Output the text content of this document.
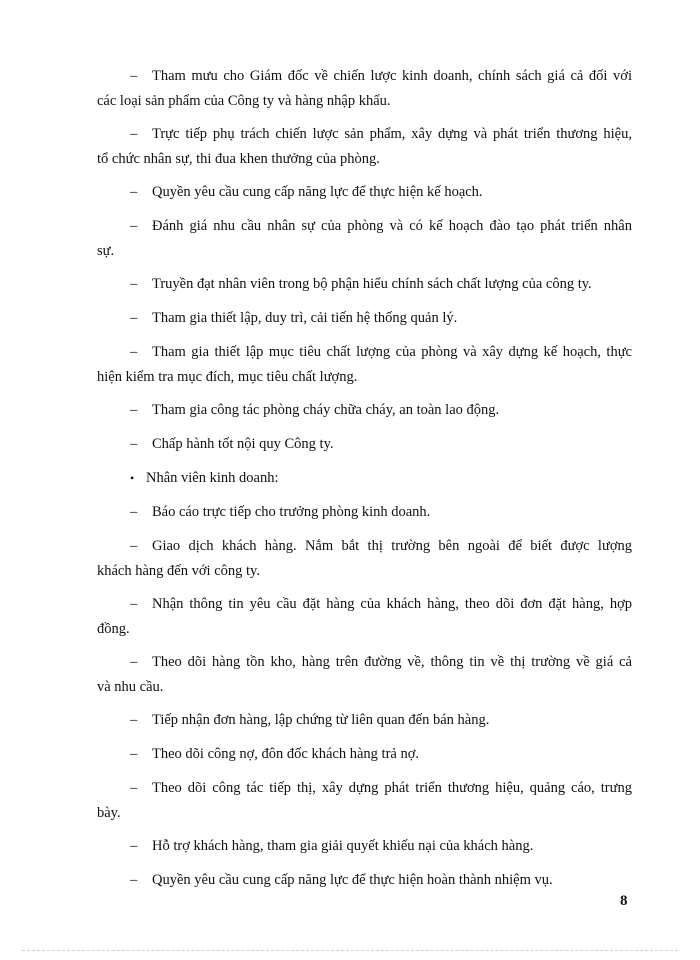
– Tham mưu cho Giám đốc về chiến lược kinh doanh, chính sách giá cả đối với
các loại sản phẩm của Công ty và hàng nhập khẩu.
– Trực tiếp phụ trách chiến lược sản phẩm, xây dựng và phát triển thương hiệu,
tổ chức nhân sự, thi đua khen thưởng của phòng.
– Quyền yêu cầu cung cấp năng lực để thực hiện kế hoạch.
– Đánh giá nhu cầu nhân sự của phòng và có kế hoạch đào tạo phát triển nhân
sự.
– Truyền đạt nhân viên trong bộ phận hiểu chính sách chất lượng của công ty.
– Tham gia thiết lập, duy trì, cải tiến hệ thống quản lý.
– Tham gia thiết lập mục tiêu chất lượng của phòng và xây dựng kế hoạch, thực
hiện kiểm tra mục đích, mục tiêu chất lượng.
– Tham gia công tác phòng cháy chữa cháy, an toàn lao động.
– Chấp hành tốt nội quy Công ty.
• Nhân viên kinh doanh:
– Báo cáo trực tiếp cho trưởng phòng kinh doanh.
– Giao dịch khách hàng. Nắm bắt thị trường bên ngoài để biết được lượng
khách hàng đến với công ty.
– Nhận thông tin yêu cầu đặt hàng của khách hàng, theo dõi đơn đặt hàng, hợp
đồng.
– Theo dõi hàng tồn kho, hàng trên đường về, thông tin về thị trường về giá cả
và nhu cầu.
– Tiếp nhận đơn hàng, lập chứng từ liên quan đến bán hàng.
– Theo dõi công nợ, đôn đốc khách hàng trả nợ.
– Theo dõi công tác tiếp thị, xây dựng phát triển thương hiệu, quảng cáo, trưng
bày.
– Hỗ trợ khách hàng, tham gia giải quyết khiếu nại của khách hàng.
– Quyền yêu cầu cung cấp năng lực để thực hiện hoàn thành nhiệm vụ.
8
